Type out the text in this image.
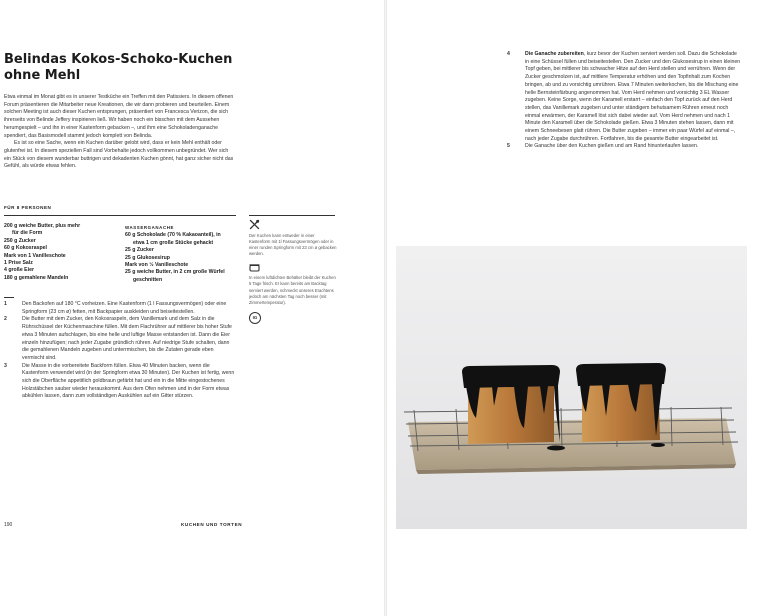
Belindas Kokos-Schoko-Kuchen ohne Mehl

Etwa einmal im Monat gibt es in unserer Testküche ein Treffen mit den Patissiers. In diesem offenen Forum präsentieren die Mitarbeiter neue Kreationen, die wir dann probieren und beurteilen. Einem solchen Meeting ist auch dieser Kuchen entsprungen, präsentiert von Francesca Verizon, die sich ihrerseits von Belinde Jeffery inspirieren ließ. Wir haben noch ein bisschen mit dem Aussehen herumgespielt – und ihn in einer Kastenform gebacken –, und ihm eine Schokoladenganache spendiert, das Basismodell stammt jedoch komplett von Belinda.

Es ist so eine Sache, wenn ein Kuchen darüber gelobt wird, dass er kein Mehl enthält oder glutenfrei ist. In diesem speziellen Fall sind Vorbehalte jedoch vollkommen unbegründet. Wer sich ein Stück von diesem wunderbar buttrigen und dekadenten Kuchen gönnt, hat ganz sicher nicht das Gefühl, als würde etwas fehlen.

FÜR 8 PERSONEN
200 g weiche Butter, plus mehr
für die Form
250 g Zucker
60 g Kokosraspel
Mark von 1 Vanilleschote
1 Prise Salz
4 große Eier
180 g gemahlene Mandeln
WASSERGANACHE
60 g Schokolade (70 % Kakaoanteil), in
etwa 1 cm große Stücke gehackt
25 g Zucker
25 g Glukosesirup
Mark von ½ Vanilleschote
25 g weiche Butter, in 2 cm große Würfel
geschnitten
Der Kuchen kann entweder in einer Kastenform mit 1l Fassungsvermögen oder in einer runden Springform mit 23 cm ø gebacken werden.
In einem luftdichten Behälter bleibt der Kuchen 5 Tage frisch. Er kann bereits am Backtag serviert werden, schmeckt unseres Erachtens jedoch am nächsten Tag noch besser (mit Zimmertemperatur).
IG

1	Den Backofen auf 180 °C vorheizen. Eine Kastenform (1 l Fassungsvermögen) oder eine Springform (23 cm ø) fetten, mit Backpapier auskleiden und beiseitestellen.

2	Die Butter mit dem Zucker, den Kokosraspeln, dem Vanillemark und dem Salz in die Rührschüssel der Küchenmaschine füllen. Mit dem Flachrührer auf mittlerer bis hoher Stufe etwa 3 Minuten aufschlagen, bis eine helle und luftige Masse entstanden ist. Dann die Eier einzeln hinzufügen; nach jeder Zugabe gründlich rühren. Auf niedrige Stufe schalten, dann die gemahlenen Mandeln zugeben und unterrmischen, bis die Zutaten gerade eben vermischt sind.

3	Die Masse in die vorbereitete Backform füllen. Etwa 40 Minuten backen, wenn die Kastenform verwendet wird (in der Springform etwa 30 Minuten). Der Kuchen ist fertig, wenn sich die Oberfläche appetitlich goldbraun gefärbt hat und ein in die Mitte eingestochenes Holzstäbchen sauber wieder herauskommt. Aus dem Ofen nehmen und in der Form etwas abkühlen lassen, dann zum vollständigen Auskühlen auf ein Gitter stürzen.

190	KUCHEN UND TORTEN

4	Die Ganache zubereiten, kurz bevor der Kuchen serviert werden soll. Dazu die Schokolade in eine Schüssel füllen und beiseitestellen. Den Zucker und den Glukosesirup in einen kleinen Topf geben, bei mittlerer bis schwacher Hitze auf den Herd stellen und verrühren. Wenn der Zucker geschmolzen ist, auf mittlere Temperatur erhöhen und den Topfinhalt zum Kochen bringen, ab und zu vorsichtig umrühren. Etwa 7 Minuten weiterkochen, bis die Mischung eine helle Bernsteinfärbung angenommen hat. Vom Herd nehmen und vorsichtig 3 EL Wasser zugeben. Keine Sorge, wenn der Karamell erstarrt – einfach den Topf zurück auf den Herd stellen, das Vanillemark zugeben und unter ständigem behutsamem Rühren erneut noch einmal erwärmen, der Karamell löst sich dabei wieder auf. Vom Herd nehmen und nach 1 Minute den Karamell über die Schokolade gießen. Etwa 3 Minuten stehen lassen, dann mit einem Schneebesen glatt rühren. Die Butter zugeben – immer ein paar Würfel auf einmal –, nach jeder Zugabe durchrühren. Fortfahren, bis die gesamte Butter eingearbeitet ist.

5	Die Ganache über den Kuchen gießen und am Rand hinunterlaufen lassen.
